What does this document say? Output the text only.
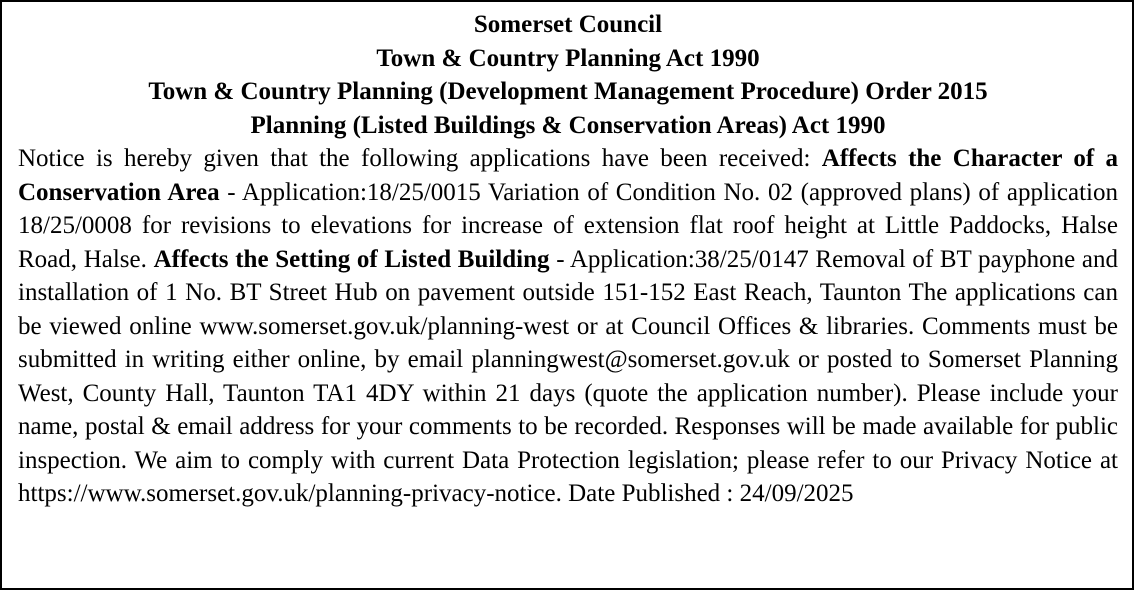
Somerset Council
Town & Country Planning Act 1990
Town & Country Planning (Development Management Procedure) Order 2015
Planning (Listed Buildings & Conservation Areas) Act 1990

Notice is hereby given that the following applications have been received: Affects the Character of a Conservation Area - Application:18/25/0015 Variation of Condition No. 02 (approved plans) of application 18/25/0008 for revisions to elevations for increase of extension flat roof height at Little Paddocks, Halse Road, Halse. Affects the Setting of Listed Building - Application:38/25/0147 Removal of BT payphone and installation of 1 No. BT Street Hub on pavement outside 151-152 East Reach, Taunton The applications can be viewed online www.somerset.gov.uk/planning-west or at Council Offices & libraries. Comments must be submitted in writing either online, by email planningwest@somerset.gov.uk or posted to Somerset Planning West, County Hall, Taunton TA1 4DY within 21 days (quote the application number). Please include your name, postal & email address for your comments to be recorded. Responses will be made available for public inspection. We aim to comply with current Data Protection legislation; please refer to our Privacy Notice at https://www.somerset.gov.uk/planning-privacy-notice. Date Published : 24/09/2025
